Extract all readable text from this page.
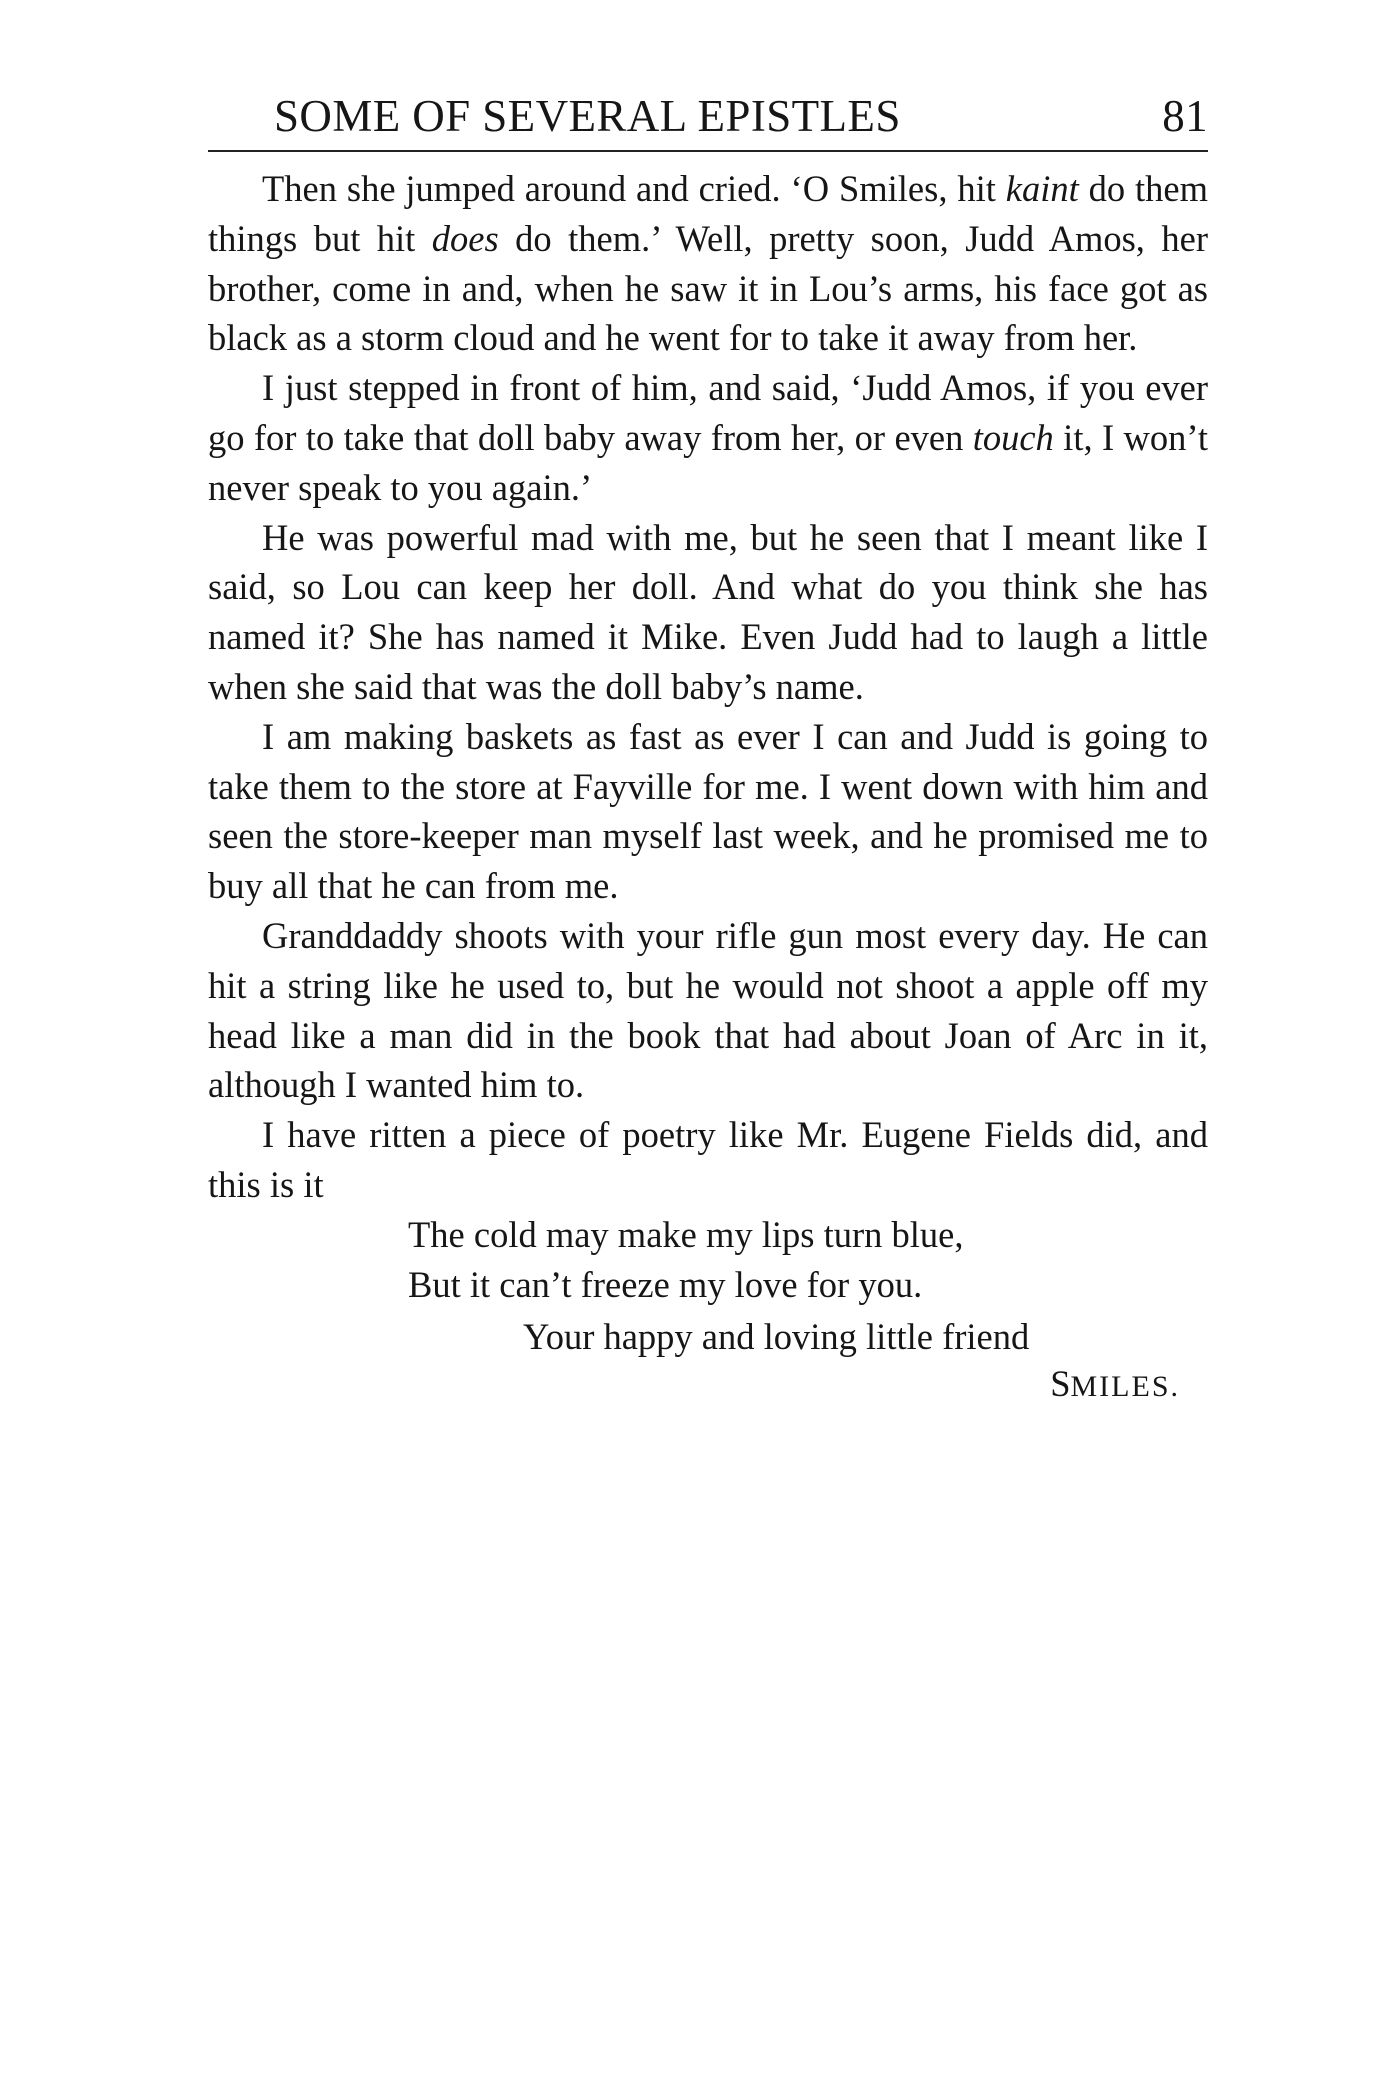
SOME OF SEVERAL EPISTLES	81

Then she jumped around and cried. ‘O Smiles, hit kaint do them things but hit does do them.’ Well, pretty soon, Judd Amos, her brother, come in and, when he saw it in Lou’s arms, his face got as black as a storm cloud and he went for to take it away from her.

I just stepped in front of him, and said, ‘Judd Amos, if you ever go for to take that doll baby away from her, or even touch it, I won’t never speak to you again.’

He was powerful mad with me, but he seen that I meant like I said, so Lou can keep her doll. And what do you think she has named it? She has named it Mike. Even Judd had to laugh a little when she said that was the doll baby’s name.

I am making baskets as fast as ever I can and Judd is going to take them to the store at Fayville for me. I went down with him and seen the store-keeper man myself last week, and he promised me to buy all that he can from me.

Granddaddy shoots with your rifle gun most every day. He can hit a string like he used to, but he would not shoot a apple off my head like a man did in the book that had about Joan of Arc in it, although I wanted him to.

I have ritten a piece of poetry like Mr. Eugene Fields did, and this is it

The cold may make my lips turn blue,

But it can’t freeze my love for you.

Your happy and loving little friend

SMILES.
